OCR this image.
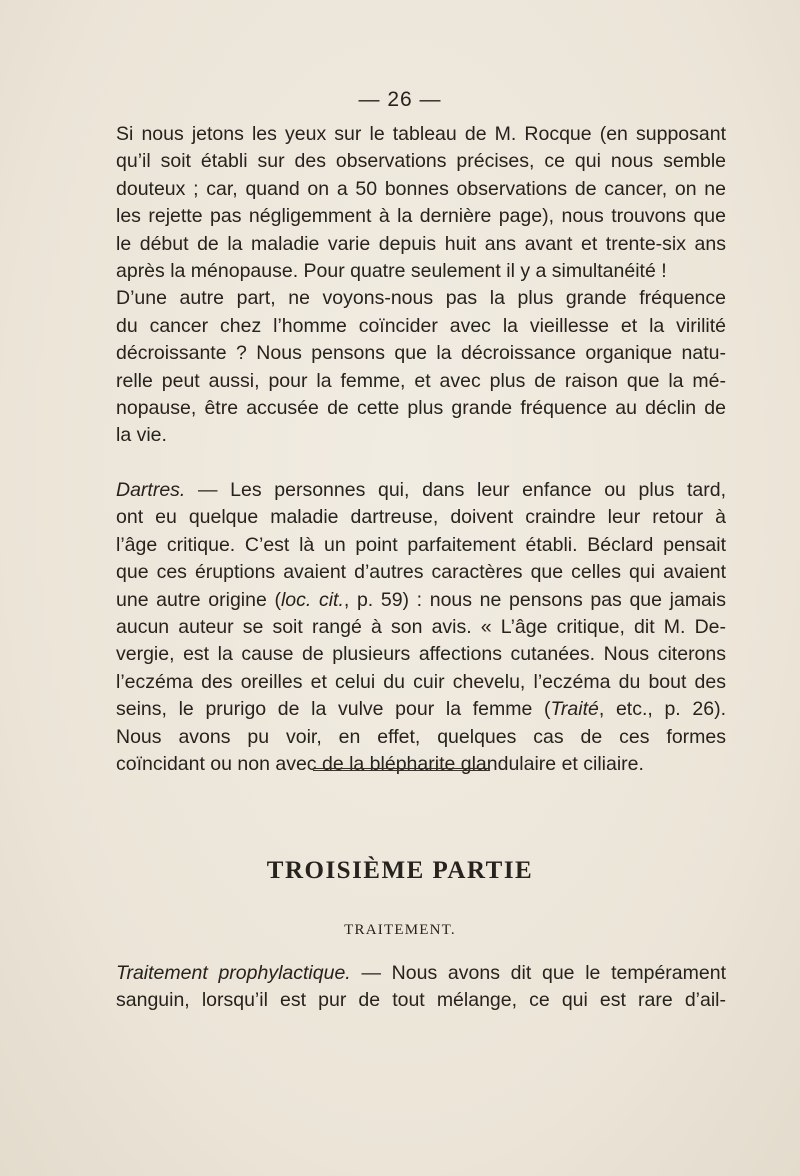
— 26 —
Si nous jetons les yeux sur le tableau de M. Rocque (en supposant
qu’il soit établi sur des observations précises, ce qui nous semble
douteux ; car, quand on a 50 bonnes observations de cancer, on ne
les rejette pas négligemment à la dernière page), nous trouvons que
le début de la maladie varie depuis huit ans avant et trente-six ans
après la ménopause. Pour quatre seulement il y a simultanéité !
D’une autre part, ne voyons-nous pas la plus grande fréquence
du cancer chez l’homme coïncider avec la vieillesse et la virilité
décroissante ? Nous pensons que la décroissance organique natu-
relle peut aussi, pour la femme, et avec plus de raison que la mé-
nopause, être accusée de cette plus grande fréquence au déclin de
la vie.
Dartres. — Les personnes qui, dans leur enfance ou plus tard,
ont eu quelque maladie dartreuse, doivent craindre leur retour à
l’âge critique. C’est là un point parfaitement établi. Béclard pensait
que ces éruptions avaient d’autres caractères que celles qui avaient
une autre origine (loc. cit., p. 59) : nous ne pensons pas que jamais
aucun auteur se soit rangé à son avis. « L’âge critique, dit M. De-
vergie, est la cause de plusieurs affections cutanées. Nous citerons
l’eczéma des oreilles et celui du cuir chevelu, l’eczéma du bout des
seins, le prurigo de la vulve pour la femme (Traité, etc., p. 26).
Nous avons pu voir, en effet, quelques cas de ces formes
coïncidant ou non avec de la blépharite glandulaire et ciliaire.
TROISIÈME PARTIE
TRAITEMENT.
Traitement prophylactique. — Nous avons dit que le tempérament
sanguin, lorsqu’il est pur de tout mélange, ce qui est rare d’ail-
